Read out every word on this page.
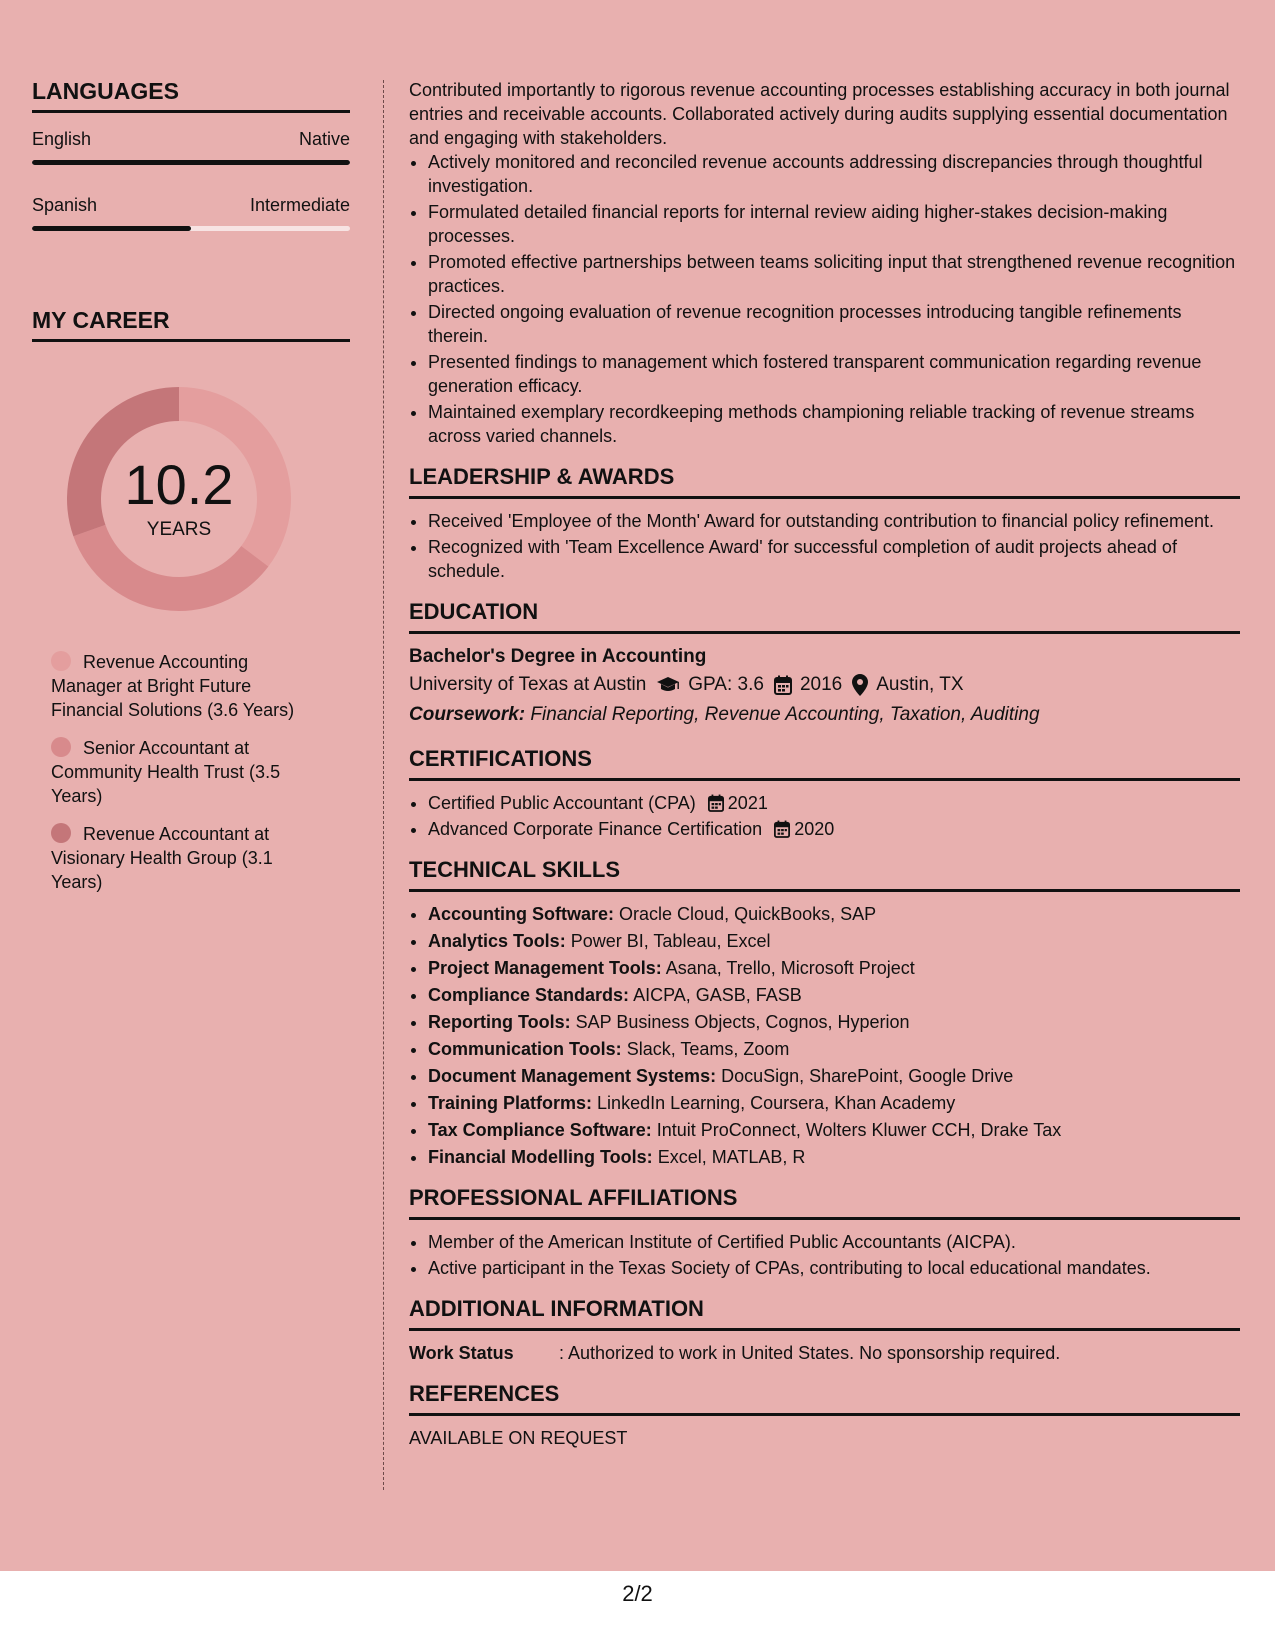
LANGUAGES
English	Native
Spanish	Intermediate
MY CAREER
10.2
YEARS
Revenue Accounting Manager at Bright Future Financial Solutions (3.6 Years)
Senior Accountant at Community Health Trust (3.5 Years)
Revenue Accountant at Visionary Health Group (3.1 Years)

Contributed importantly to rigorous revenue accounting processes establishing accuracy in both journal entries and receivable accounts. Collaborated actively during audits supplying essential documentation and engaging with stakeholders.

• Actively monitored and reconciled revenue accounts addressing discrepancies through thoughtful investigation.
• Formulated detailed financial reports for internal review aiding higher-stakes decision-making processes.
• Promoted effective partnerships between teams soliciting input that strengthened revenue recognition practices.
• Directed ongoing evaluation of revenue recognition processes introducing tangible refinements therein.
• Presented findings to management which fostered transparent communication regarding revenue generation efficacy.
• Maintained exemplary recordkeeping methods championing reliable tracking of revenue streams across varied channels.
LEADERSHIP & AWARDS
• Received 'Employee of the Month' Award for outstanding contribution to financial policy refinement.
• Recognized with 'Team Excellence Award' for successful completion of audit projects ahead of schedule.
EDUCATION
Bachelor's Degree in Accounting
University of Texas at Austin GPA: 3.6 2016 Austin, TX
Coursework: Financial Reporting, Revenue Accounting, Taxation, Auditing
CERTIFICATIONS
• Certified Public Accountant (CPA) 2021
• Advanced Corporate Finance Certification 2020
TECHNICAL SKILLS
• Accounting Software: Oracle Cloud, QuickBooks, SAP
• Analytics Tools: Power BI, Tableau, Excel
• Project Management Tools: Asana, Trello, Microsoft Project
• Compliance Standards: AICPA, GASB, FASB
• Reporting Tools: SAP Business Objects, Cognos, Hyperion
• Communication Tools: Slack, Teams, Zoom
• Document Management Systems: DocuSign, SharePoint, Google Drive
• Training Platforms: LinkedIn Learning, Coursera, Khan Academy
• Tax Compliance Software: Intuit ProConnect, Wolters Kluwer CCH, Drake Tax
• Financial Modelling Tools: Excel, MATLAB, R
PROFESSIONAL AFFILIATIONS
• Member of the American Institute of Certified Public Accountants (AICPA).
• Active participant in the Texas Society of CPAs, contributing to local educational mandates.
ADDITIONAL INFORMATION
Work Status	: Authorized to work in United States. No sponsorship required.
REFERENCES
AVAILABLE ON REQUEST
2/2
